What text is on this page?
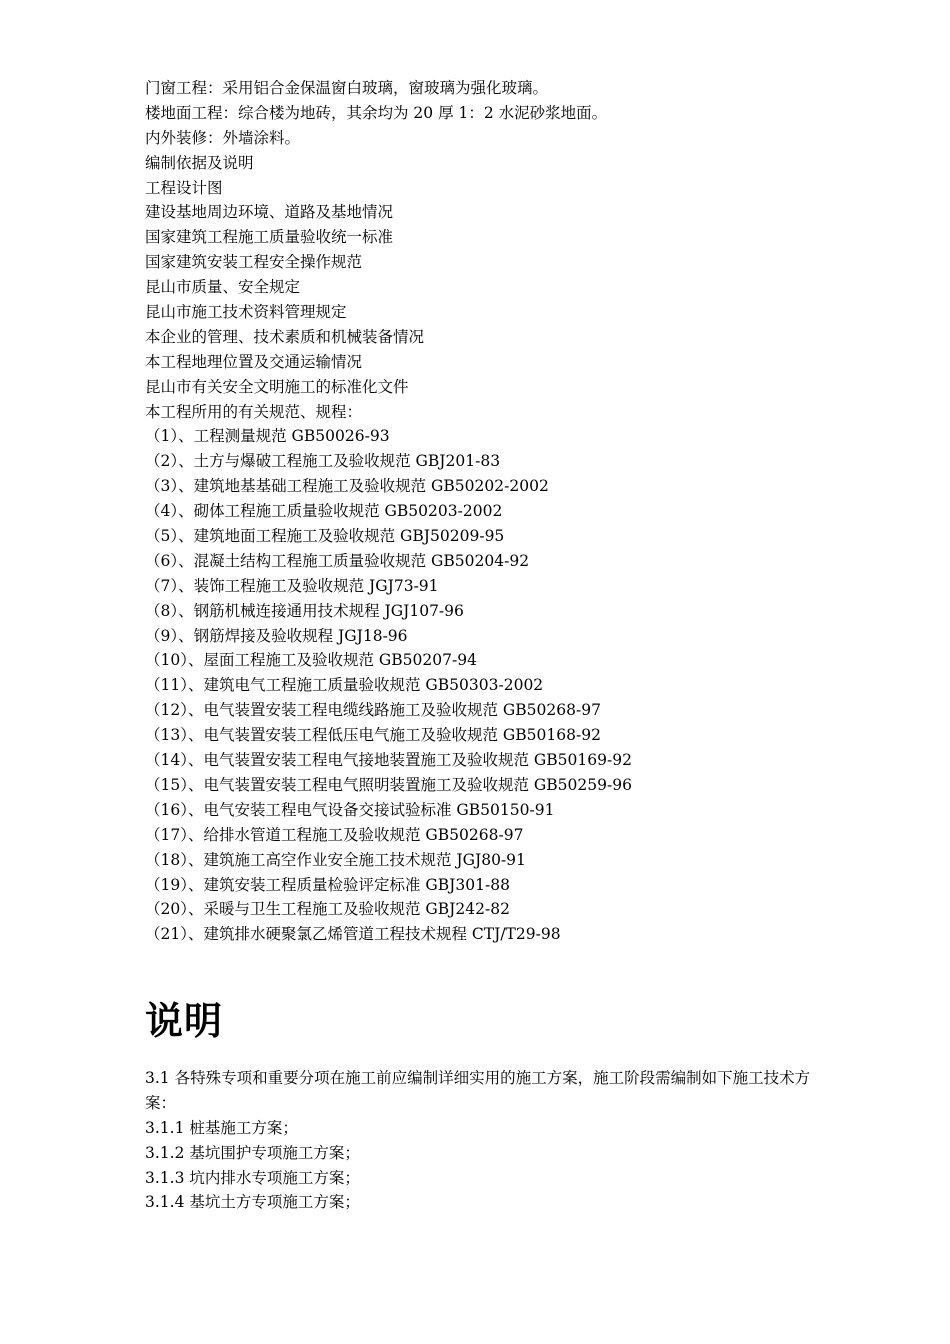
门窗工程：采用铝合金保温窗白玻璃，窗玻璃为强化玻璃。
楼地面工程：综合楼为地砖，其余均为 20 厚 1：2 水泥砂浆地面。
内外装修：外墙涂料。
编制依据及说明
工程设计图
建设基地周边环境、道路及基地情况
国家建筑工程施工质量验收统一标准
国家建筑安装工程安全操作规范
昆山市质量、安全规定
昆山市施工技术资料管理规定
本企业的管理、技术素质和机械装备情况
本工程地理位置及交通运输情况
昆山市有关安全文明施工的标准化文件
本工程所用的有关规范、规程：
（1）、工程测量规范 GB50026-93
（2）、土方与爆破工程施工及验收规范 GBJ201-83
（3）、建筑地基基础工程施工及验收规范 GB50202-2002
（4）、砌体工程施工质量验收规范 GB50203-2002
（5）、建筑地面工程施工及验收规范 GBJ50209-95
（6）、混凝土结构工程施工质量验收规范 GB50204-92
（7）、装饰工程施工及验收规范 JGJ73-91
（8）、钢筋机械连接通用技术规程 JGJ107-96
（9）、钢筋焊接及验收规程 JGJ18-96
（10）、屋面工程施工及验收规范 GB50207-94
（11）、建筑电气工程施工质量验收规范 GB50303-2002
（12）、电气装置安装工程电缆线路施工及验收规范 GB50268-97
（13）、电气装置安装工程低压电气施工及验收规范 GB50168-92
（14）、电气装置安装工程电气接地装置施工及验收规范 GB50169-92
（15）、电气装置安装工程电气照明装置施工及验收规范 GB50259-96
（16）、电气安装工程电气设备交接试验标准 GB50150-91
（17）、给排水管道工程施工及验收规范 GB50268-97
（18）、建筑施工高空作业安全施工技术规范 JGJ80-91
（19）、建筑安装工程质量检验评定标准 GBJ301-88
（20）、采暖与卫生工程施工及验收规范 GBJ242-82
（21）、建筑排水硬聚氯乙烯管道工程技术规程 CTJ/T29-98
说明

3.1 各特殊专项和重要分项在施工前应编制详细实用的施工方案，施工阶段需编制如下施工技术方案：

3.1.1 桩基施工方案；
3.1.2 基坑围护专项施工方案；
3.1.3 坑内排水专项施工方案；
3.1.4 基坑土方专项施工方案；
